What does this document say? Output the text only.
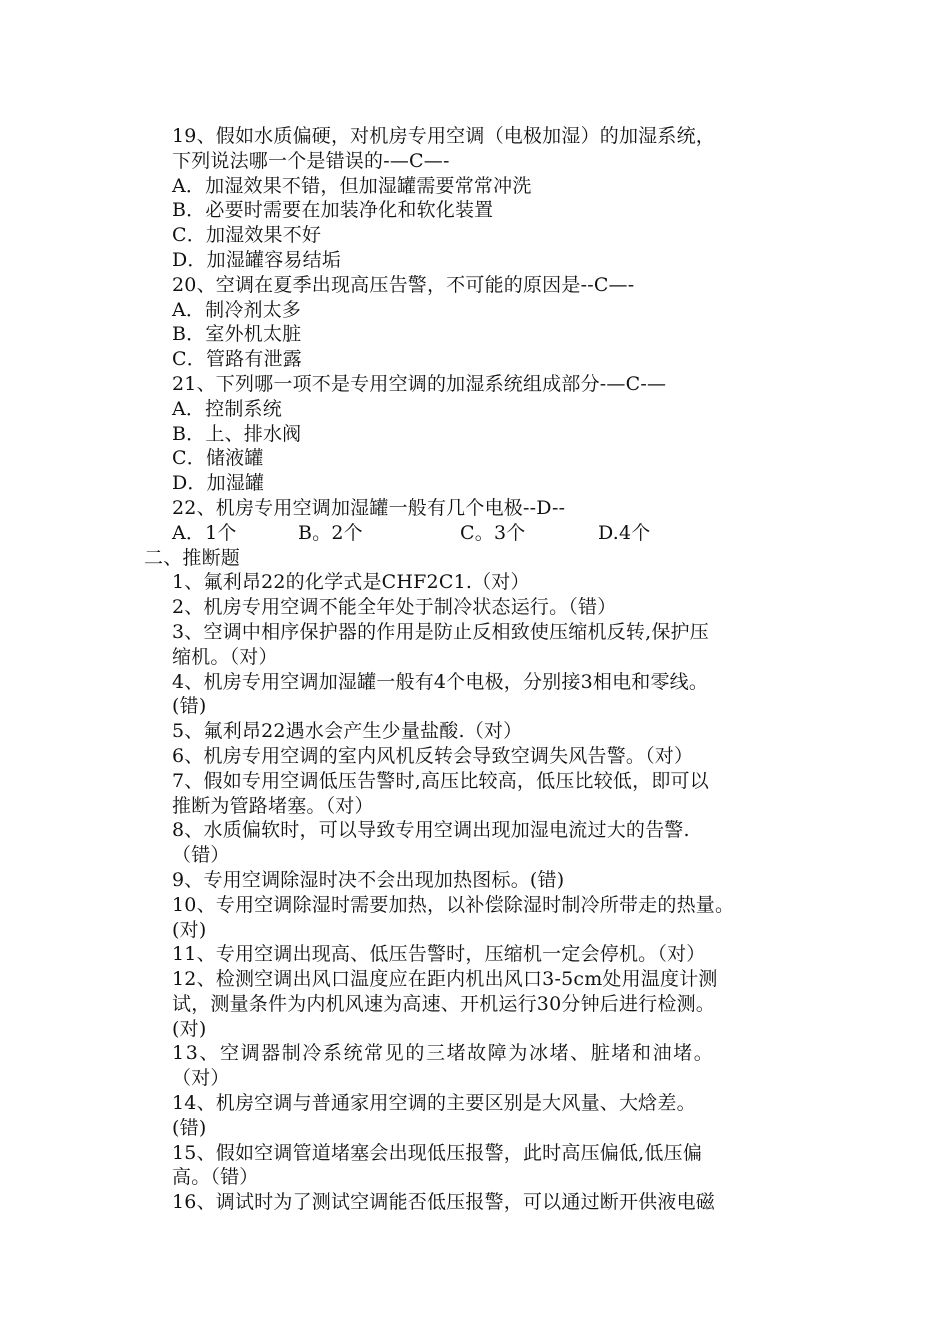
19、假如水质偏硬，对机房专用空调（电极加湿）的加湿系统，
下列说法哪一个是错误的-—C—-
A．加湿效果不错，但加湿罐需要常常冲洗
B．必要时需要在加装净化和软化装置
C．加湿效果不好
D．加湿罐容易结垢
20、空调在夏季出现高压告警，不可能的原因是--C—-
A．制冷剂太多
B．室外机太脏
C．管路有泄露
21、下列哪一项不是专用空调的加湿系统组成部分-—C-—
A．控制系统
B．上、排水阀
C．储液罐
D．加湿罐
22、机房专用空调加湿罐一般有几个电极--D--
A．1个	B。2个	C。3个	D.4个
二、推断题
1、氟利昂22的化学式是CHF2C1.（对）
2、机房专用空调不能全年处于制冷状态运行。（错）
3、空调中相序保护器的作用是防止反相致使压缩机反转,保护压
缩机。（对）
4、机房专用空调加湿罐一般有4个电极，分别接3相电和零线。
(错)
5、氟利昂22遇水会产生少量盐酸.（对）
6、机房专用空调的室内风机反转会导致空调失风告警。（对）
7、假如专用空调低压告警时,高压比较高，低压比较低，即可以
推断为管路堵塞。（对）
8、水质偏软时，可以导致专用空调出现加湿电流过大的告警.
（错）
9、专用空调除湿时决不会出现加热图标。(错)
10、专用空调除湿时需要加热，以补偿除湿时制冷所带走的热量。
(对)
11、专用空调出现高、低压告警时，压缩机一定会停机。（对）
12、检测空调出风口温度应在距内机出风口3-5cm处用温度计测
试，测量条件为内机风速为高速、开机运行30分钟后进行检测。
(对)
13、空调器制冷系统常见的三堵故障为冰堵、脏堵和油堵。
（对）
14、机房空调与普通家用空调的主要区别是大风量、大焓差。
(错)
15、假如空调管道堵塞会出现低压报警，此时高压偏低,低压偏
高。（错）
16、调试时为了测试空调能否低压报警，可以通过断开供液电磁
